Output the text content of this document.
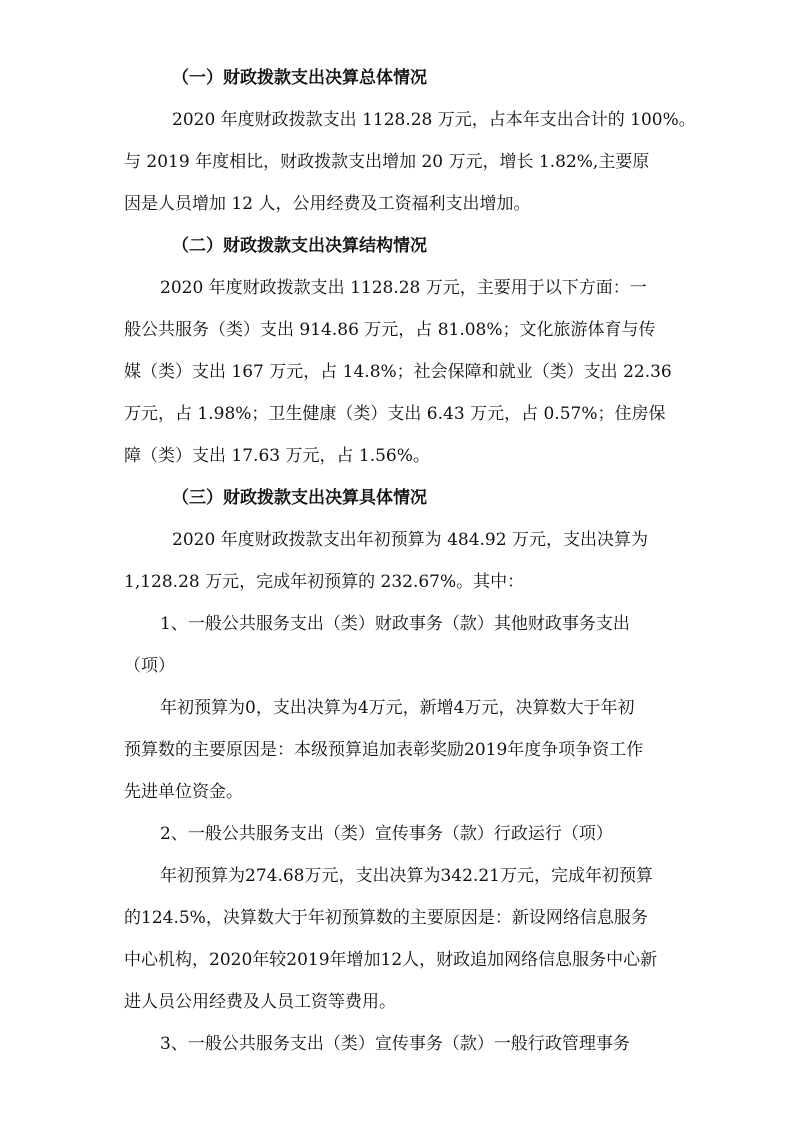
（一）财政拨款支出决算总体情况
2020 年度财政拨款支出 1128.28 万元，占本年支出合计的 100%。
与 2019 年度相比，财政拨款支出增加 20 万元，增长 1.82%,主要原
因是人员增加 12 人，公用经费及工资福利支出增加。
（二）财政拨款支出决算结构情况
2020 年度财政拨款支出 1128.28 万元，主要用于以下方面：一
般公共服务（类）支出 914.86 万元，占 81.08%；文化旅游体育与传
媒（类）支出 167 万元，占 14.8%；社会保障和就业（类）支出 22.36
万元，占 1.98%；卫生健康（类）支出 6.43 万元，占 0.57%；住房保
障（类）支出 17.63 万元，占 1.56%。
（三）财政拨款支出决算具体情况
2020 年度财政拨款支出年初预算为 484.92 万元，支出决算为
1,128.28 万元，完成年初预算的 232.67%。其中：
1、一般公共服务支出（类）财政事务（款）其他财政事务支出
（项）
年初预算为0，支出决算为4万元，新增4万元，决算数大于年初
预算数的主要原因是：本级预算追加表彰奖励2019年度争项争资工作
先进单位资金。
2、一般公共服务支出（类）宣传事务（款）行政运行（项）
年初预算为274.68万元，支出决算为342.21万元，完成年初预算
的124.5%，决算数大于年初预算数的主要原因是：新设网络信息服务
中心机构，2020年较2019年增加12人，财政追加网络信息服务中心新
进人员公用经费及人员工资等费用。
3、一般公共服务支出（类）宣传事务（款）一般行政管理事务
